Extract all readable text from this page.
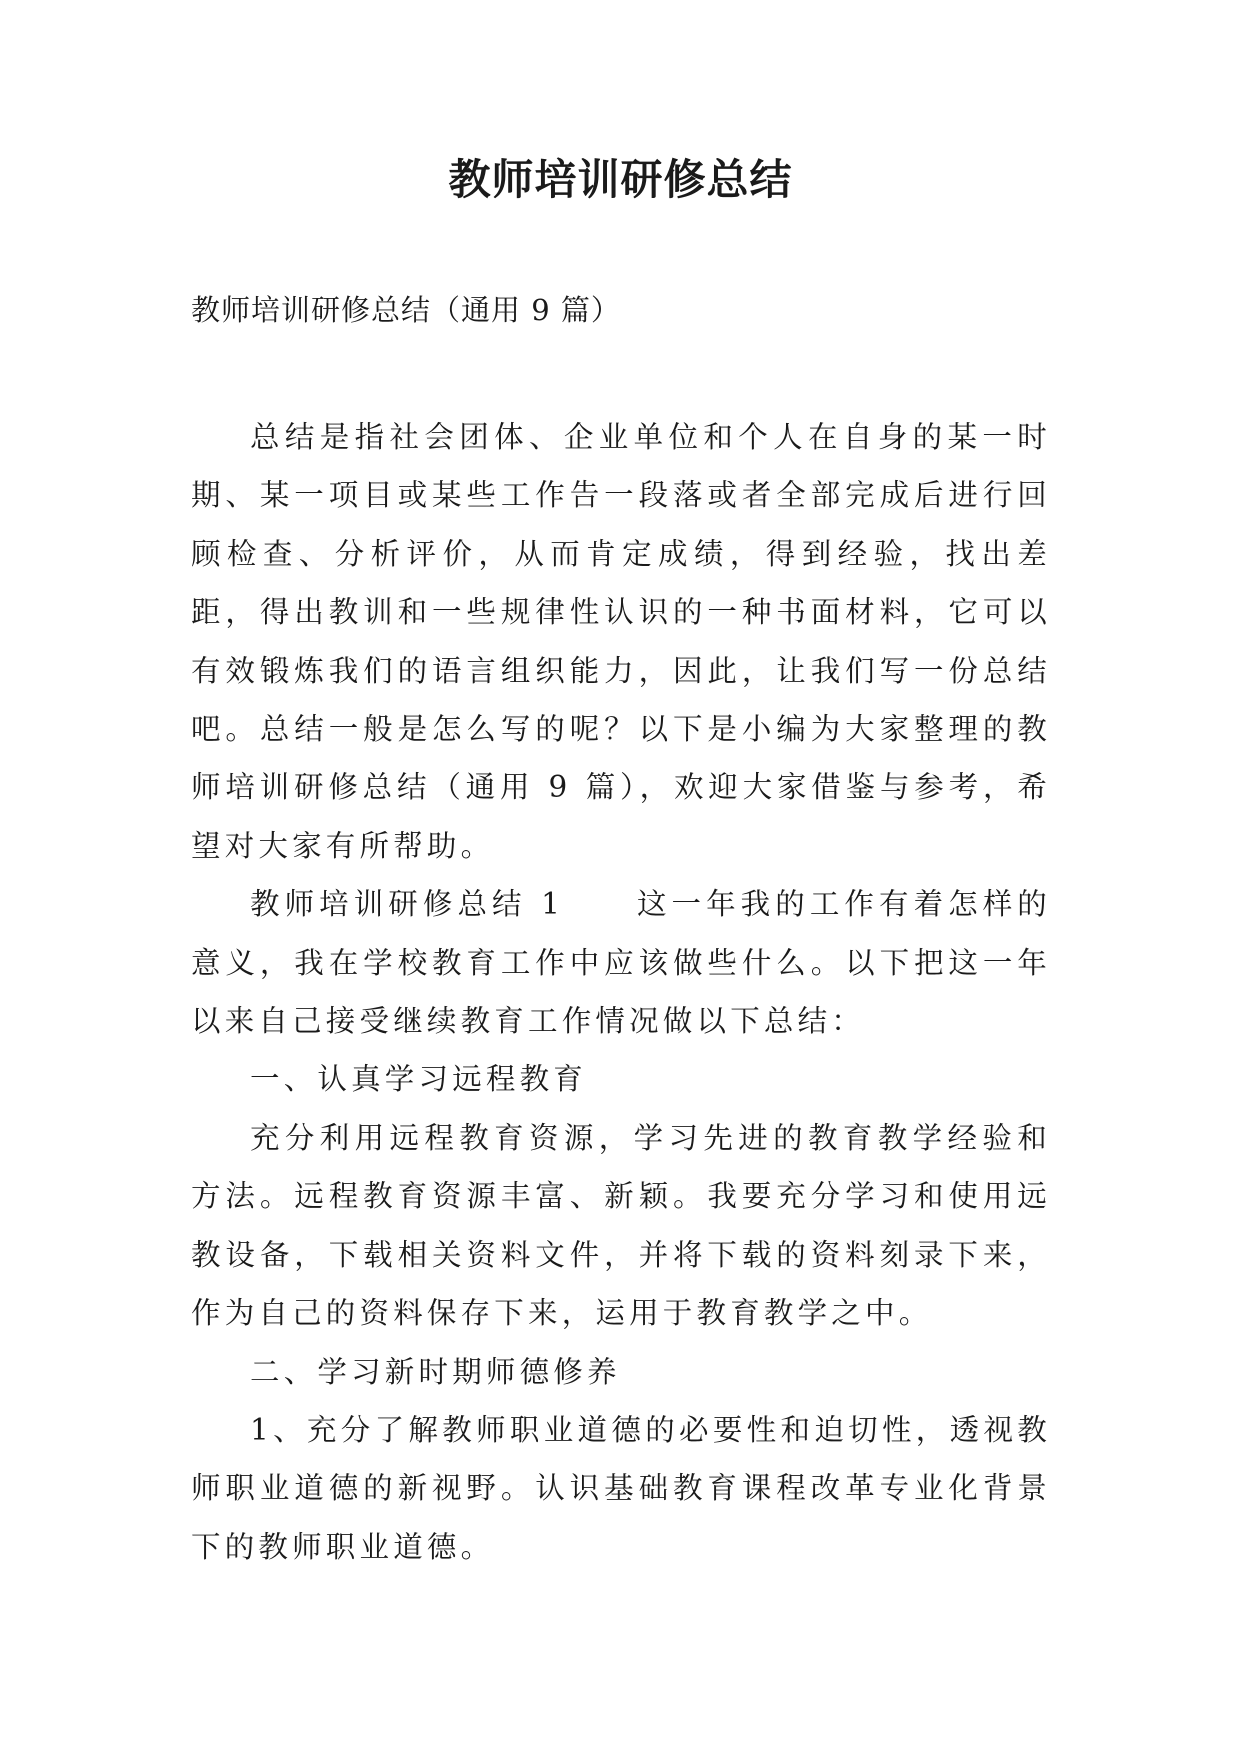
教师培训研修总结

教师培训研修总结（通用 9 篇）

总结是指社会团体、企业单位和个人在自身的某一时期、某一项目或某些工作告一段落或者全部完成后进行回顾检查、分析评价，从而肯定成绩，得到经验，找出差距，得出教训和一些规律性认识的一种书面材料，它可以有效锻炼我们的语言组织能力，因此，让我们写一份总结吧。总结一般是怎么写的呢？以下是小编为大家整理的教师培训研修总结（通用 9 篇），欢迎大家借鉴与参考，希望对大家有所帮助。

教师培训研修总结 1 这一年我的工作有着怎样的意义，我在学校教育工作中应该做些什么。以下把这一年以来自己接受继续教育工作情况做以下总结：

一、认真学习远程教育

充分利用远程教育资源，学习先进的教育教学经验和方法。远程教育资源丰富、新颖。我要充分学习和使用远教设备，下载相关资料文件，并将下载的资料刻录下来，作为自己的资料保存下来，运用于教育教学之中。

二、学习新时期师德修养

1、充分了解教师职业道德的必要性和迫切性，透视教师职业道德的新视野。认识基础教育课程改革专业化背景下的教师职业道德。
